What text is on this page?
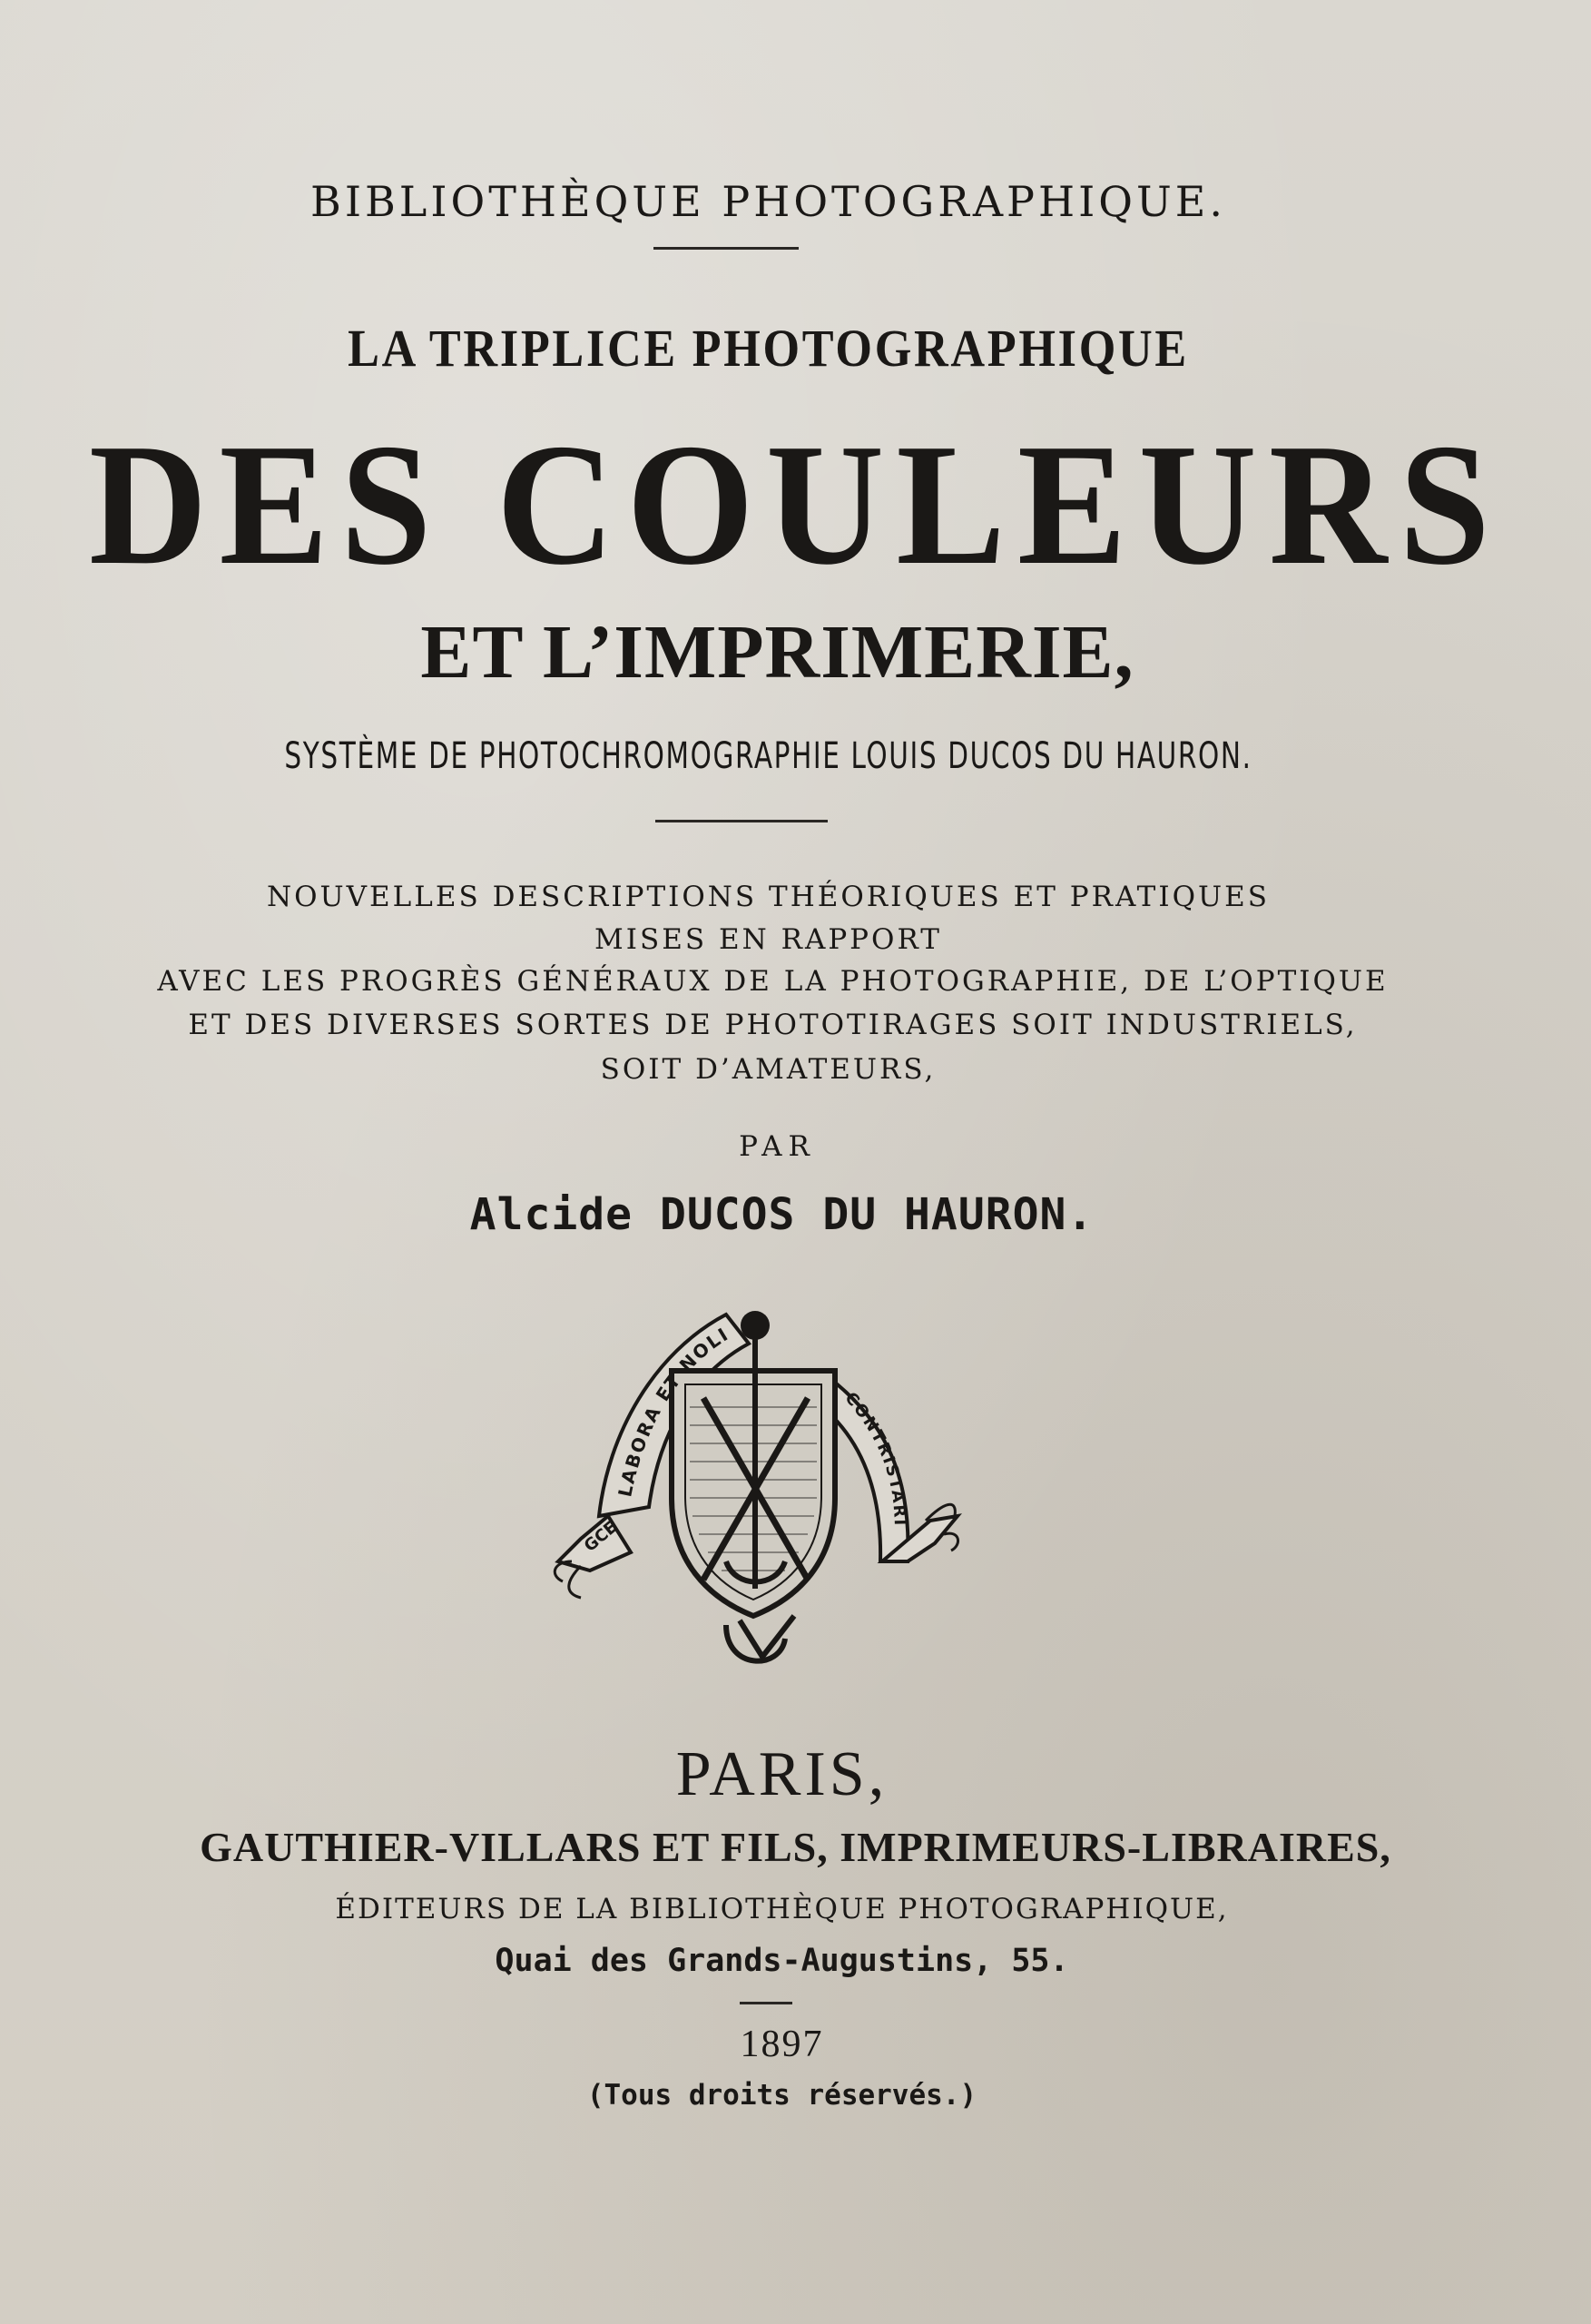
BIBLIOTHÈQUE PHOTOGRAPHIQUE.
LA TRIPLICE PHOTOGRAPHIQUE
DES COULEURS
ET L’IMPRIMERIE,
SYSTÈME DE PHOTOCHROMOGRAPHIE LOUIS DUCOS DU HAURON.
NOUVELLES DESCRIPTIONS THÉORIQUES ET PRATIQUES
MISES EN RAPPORT
AVEC LES PROGRÈS GÉNÉRAUX DE LA PHOTOGRAPHIE, DE L’OPTIQUE
ET DES DIVERSES SORTES DE PHOTOTIRAGES SOIT INDUSTRIELS,
SOIT D’AMATEURS,
PAR
Alcide DUCOS DU HAURON.
LABORA ET NOLI
CONTRISTARI
GCE
PARIS,
GAUTHIER-VILLARS ET FILS, IMPRIMEURS-LIBRAIRES,
ÉDITEURS DE LA BIBLIOTHÈQUE PHOTOGRAPHIQUE,
Quai des Grands-Augustins, 55.
1897
(Tous droits réservés.)
